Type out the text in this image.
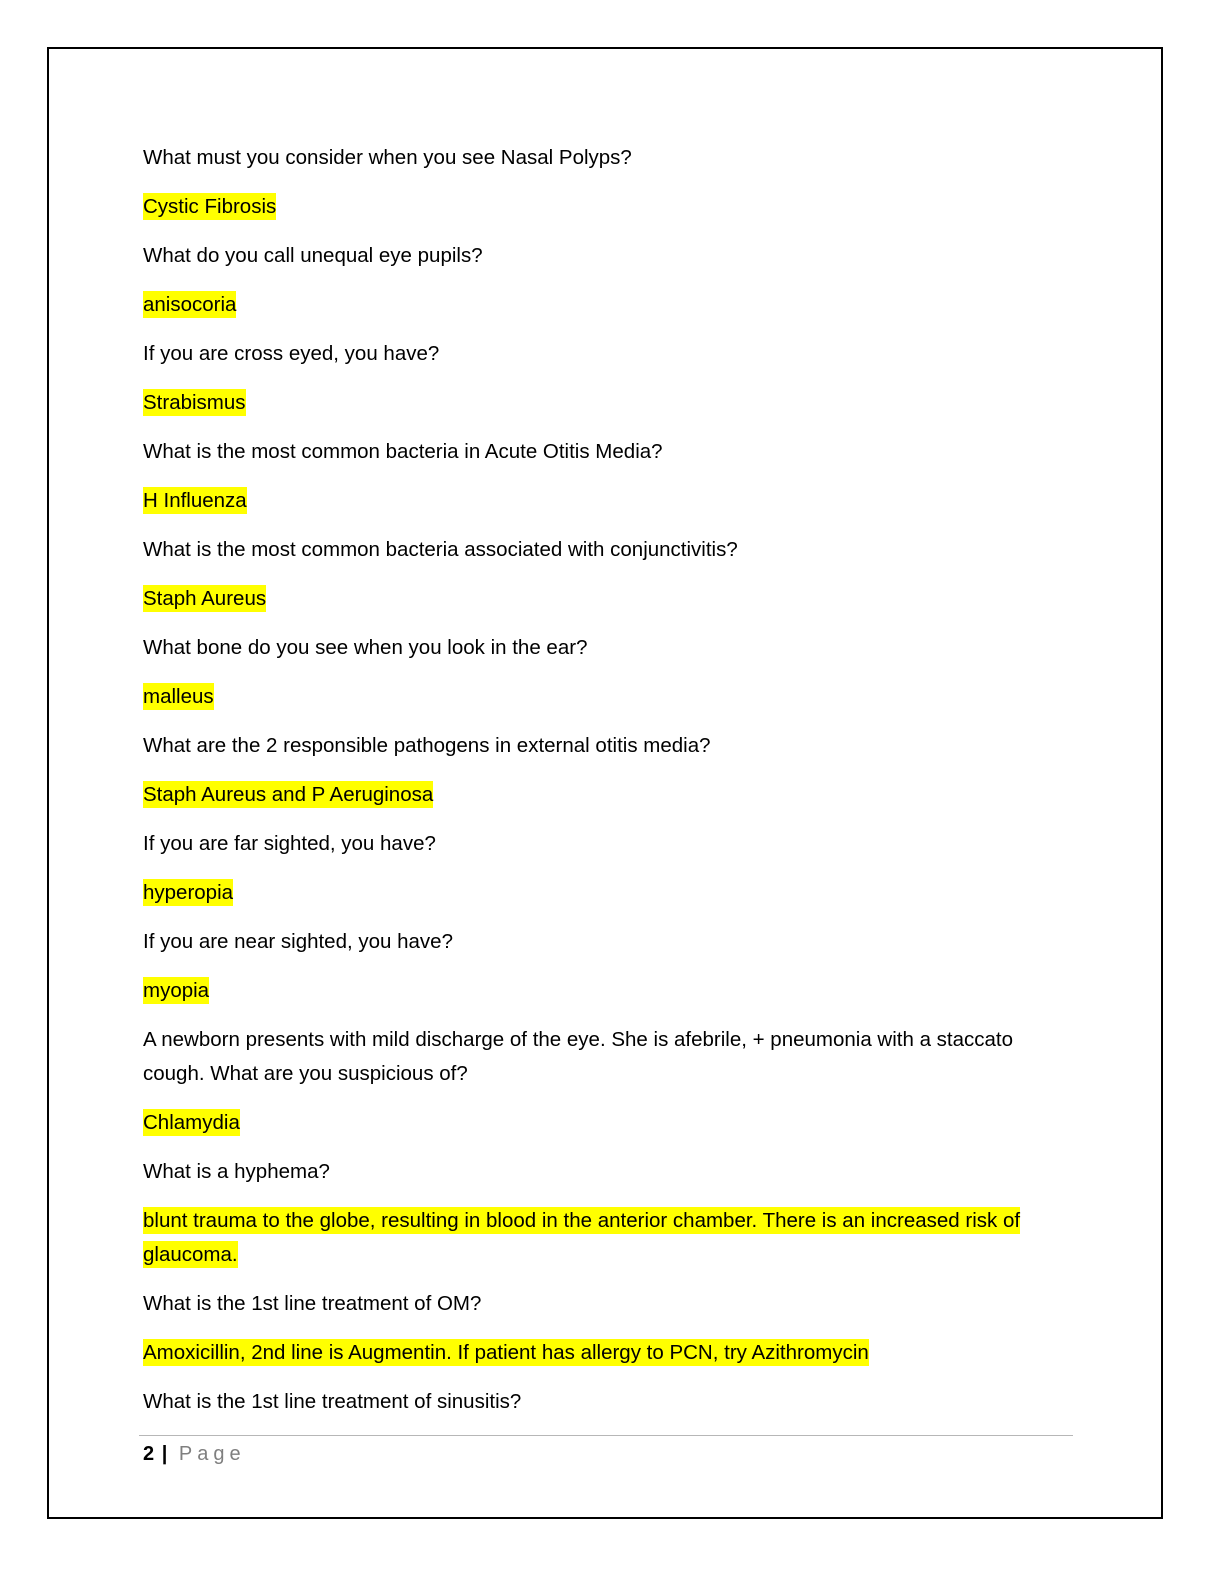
What must you consider when you see Nasal Polyps?

Cystic Fibrosis

What do you call unequal eye pupils?

anisocoria

If you are cross eyed, you have?

Strabismus

What is the most common bacteria in Acute Otitis Media?

H Influenza

What is the most common bacteria associated with conjunctivitis?

Staph Aureus

What bone do you see when you look in the ear?

malleus

What are the 2 responsible pathogens in external otitis media?

Staph Aureus and P Aeruginosa

If you are far sighted, you have?

hyperopia

If you are near sighted, you have?

myopia

A newborn presents with mild discharge of the eye. She is afebrile, + pneumonia with a staccato cough. What are you suspicious of?

Chlamydia

What is a hyphema?

blunt trauma to the globe, resulting in blood in the anterior chamber. There is an increased risk of glaucoma.

What is the 1st line treatment of OM?

Amoxicillin, 2nd line is Augmentin. If patient has allergy to PCN, try Azithromycin

What is the 1st line treatment of sinusitis?

2 | Page
